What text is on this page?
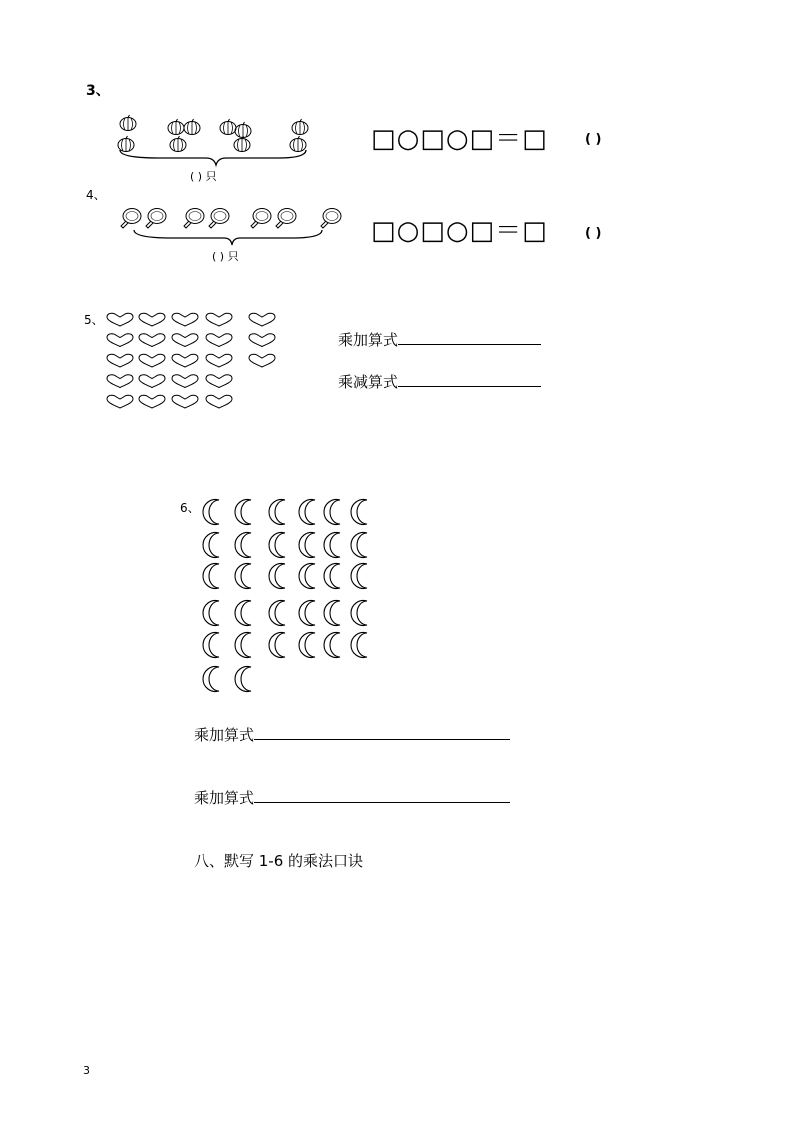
3、
( ) 只
□○□○□＝□	( )
4、
( ) 只
□○□○□＝□	( )
5、
乘加算式
乘减算式
6、
乘加算式
乘加算式
八、默写 1-6 的乘法口诀
3
